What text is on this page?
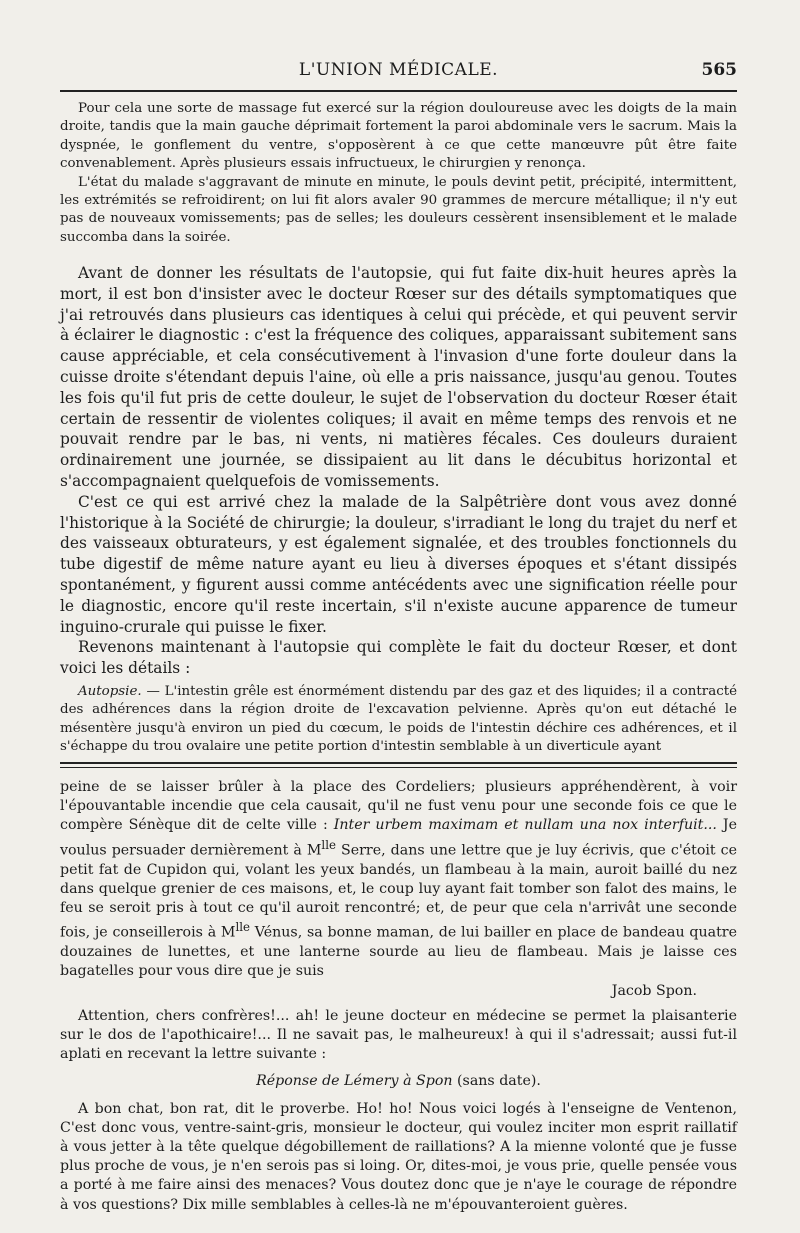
L'UNION MÉDICALE.	565

Pour cela une sorte de massage fut exercé sur la région douloureuse avec les doigts de la main droite, tandis que la main gauche déprimait fortement la paroi abdominale vers le sacrum. Mais la dyspnée, le gonflement du ventre, s'opposèrent à ce que cette manœuvre pût être faite convenablement. Après plusieurs essais infructueux, le chirurgien y renonça.

L'état du malade s'aggravant de minute en minute, le pouls devint petit, précipité, intermittent, les extrémités se refroidirent; on lui fit alors avaler 90 grammes de mercure métallique; il n'y eut pas de nouveaux vomissements; pas de selles; les douleurs cessèrent insensiblement et le malade succomba dans la soirée.

Avant de donner les résultats de l'autopsie, qui fut faite dix-huit heures après la mort, il est bon d'insister avec le docteur Rœser sur des détails symptomatiques que j'ai retrouvés dans plusieurs cas identiques à celui qui précède, et qui peuvent servir à éclairer le diagnostic : c'est la fréquence des coliques, apparaissant subitement sans cause appréciable, et cela consécutivement à l'invasion d'une forte douleur dans la cuisse droite s'étendant depuis l'aine, où elle a pris naissance, jusqu'au genou. Toutes les fois qu'il fut pris de cette douleur, le sujet de l'observation du docteur Rœser était certain de ressentir de violentes coliques; il avait en même temps des renvois et ne pouvait rendre par le bas, ni vents, ni matières fécales. Ces douleurs duraient ordinairement une journée, se dissipaient au lit dans le décubitus horizontal et s'accompagnaient quelquefois de vomissements.

C'est ce qui est arrivé chez la malade de la Salpêtrière dont vous avez donné l'historique à la Société de chirurgie; la douleur, s'irradiant le long du trajet du nerf et des vaisseaux obturateurs, y est également signalée, et des troubles fonctionnels du tube digestif de même nature ayant eu lieu à diverses époques et s'étant dissipés spontanément, y figurent aussi comme antécédents avec une signification réelle pour le diagnostic, encore qu'il reste incertain, s'il n'existe aucune apparence de tumeur inguino-crurale qui puisse le fixer.

Revenons maintenant à l'autopsie qui complète le fait du docteur Rœser, et dont voici les détails :

Autopsie. — L'intestin grêle est énormément distendu par des gaz et des liquides; il a contracté des adhérences dans la région droite de l'excavation pelvienne. Après qu'on eut détaché le mésentère jusqu'à environ un pied du cœcum, le poids de l'intestin déchire ces adhérences, et il s'échappe du trou ovalaire une petite portion d'intestin semblable à un diverticule ayant

peine de se laisser brûler à la place des Cordeliers; plusieurs appréhendèrent, à voir l'épouvantable incendie que cela causait, qu'il ne fust venu pour une seconde fois ce que le compère Sénèque dit de celte ville : Inter urbem maximam et nullam una nox interfuit... Je voulus persuader dernièrement à $M^{lle}$ Serre, dans une lettre que je luy écrivis, que c'étoit ce petit fat de Cupidon qui, volant les yeux bandés, un flambeau à la main, auroit baillé du nez dans quelque grenier de ces maisons, et, le coup luy ayant fait tomber son falot des mains, le feu se seroit pris à tout ce qu'il auroit rencontré; et, de peur que cela n'arrivât une seconde fois, je conseillerois à $M^{lle}$ Vénus, sa bonne maman, de lui bailler en place de bandeau quatre douzaines de lunettes, et une lanterne sourde au lieu de flambeau. Mais je laisse ces bagatelles pour vous dire que je suis

Jacob Spon.

Attention, chers confrères!... ah! le jeune docteur en médecine se permet la plaisanterie sur le dos de l'apothicaire!... Il ne savait pas, le malheureux! à qui il s'adressait; aussi fut-il aplati en recevant la lettre suivante :

Réponse de Lémery à Spon (sans date).

A bon chat, bon rat, dit le proverbe. Ho! ho! Nous voici logés à l'enseigne de Ventenon, C'est donc vous, ventre-saint-gris, monsieur le docteur, qui voulez inciter mon esprit raillatif à vous jetter à la tête quelque dégobillement de raillations? A la mienne volonté que je fusse plus proche de vous, je n'en serois pas si loing. Or, dites-moi, je vous prie, quelle pensée vous a porté à me faire ainsi des menaces? Vous doutez donc que je n'aye le courage de répondre à vos questions? Dix mille semblables à celles-là ne m'épouvanteroient guères.
